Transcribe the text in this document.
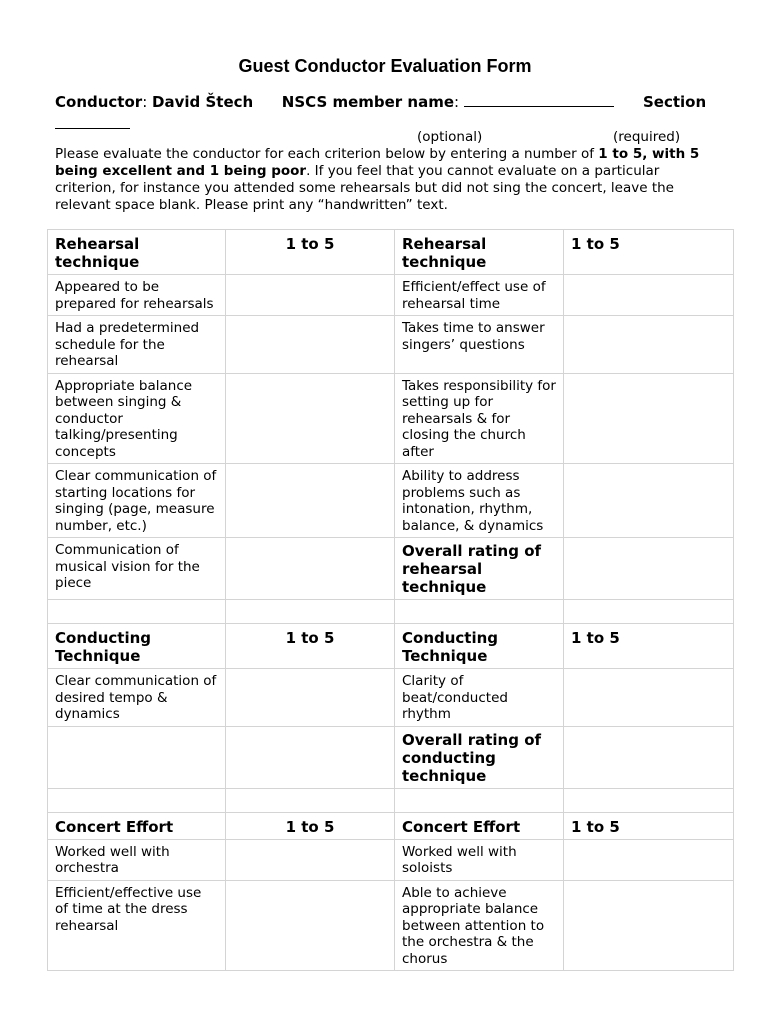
Guest Conductor Evaluation Form
Conductor: David Štech NSCS member name:	Section
(optional)	(required)
Please evaluate the conductor for each criterion below by entering a number of 1 to 5, with 5 being excellent and 1 being poor. If you feel that you cannot evaluate on a particular criterion, for instance you attended some rehearsals but did not sing the concert, leave the relevant space blank. Please print any “handwritten” text.
Rehearsal technique	1 to 5	Rehearsal technique	1 to 5
Appeared to be prepared for rehearsals		Efficient/effect use of rehearsal time	
Had a predetermined schedule for the rehearsal		Takes time to answer singers’ questions	
Appropriate balance between singing & conductor talking/presenting concepts		Takes responsibility for setting up for rehearsals & for closing the church after	
Clear communication of starting locations for singing (page, measure number, etc.)		Ability to address problems such as intonation, rhythm, balance, & dynamics	
Communication of musical vision for the piece		Overall rating of rehearsal technique	

Conducting Technique	1 to 5	Conducting Technique	1 to 5
Clear communication of desired tempo & dynamics		Clarity of beat/conducted rhythm	
		Overall rating of conducting technique	

Concert Effort	1 to 5	Concert Effort	1 to 5
Worked well with orchestra		Worked well with soloists	
Efficient/effective use of time at the dress rehearsal		Able to achieve appropriate balance between attention to the orchestra & the chorus	
